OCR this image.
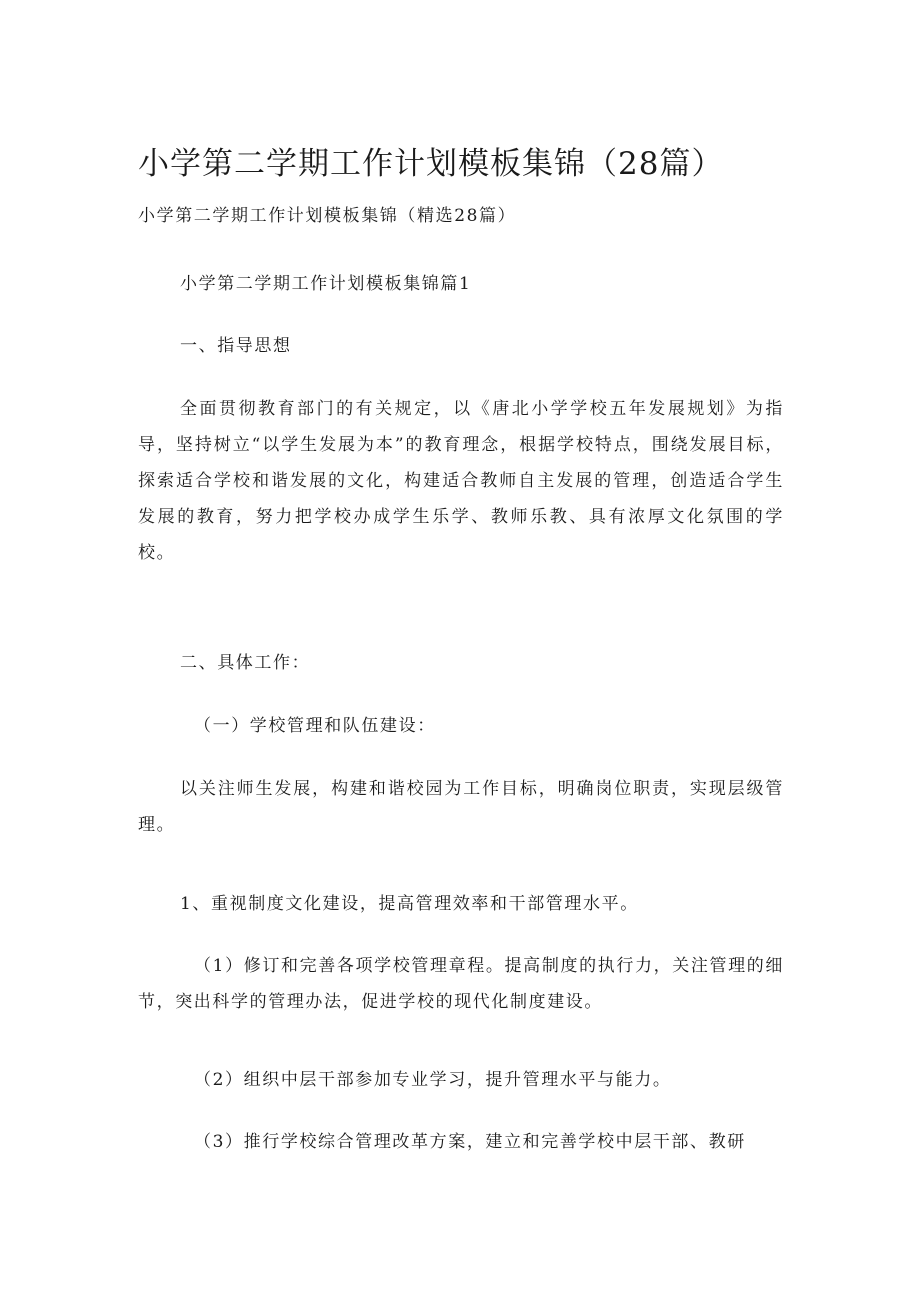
小学第二学期工作计划模板集锦（28篇）

小学第二学期工作计划模板集锦（精选28篇）

小学第二学期工作计划模板集锦篇1

一、指导思想

全面贯彻教育部门的有关规定，以《唐北小学学校五年发展规划》为指导，坚持树立“以学生发展为本”的教育理念，根据学校特点，围绕发展目标，探索适合学校和谐发展的文化，构建适合教师自主发展的管理，创造适合学生发展的教育，努力把学校办成学生乐学、教师乐教、具有浓厚文化氛围的学校。

二、具体工作：

（一）学校管理和队伍建设：

以关注师生发展，构建和谐校园为工作目标，明确岗位职责，实现层级管理。

1、重视制度文化建设，提高管理效率和干部管理水平。

（1）修订和完善各项学校管理章程。提高制度的执行力，关注管理的细节，突出科学的管理办法，促进学校的现代化制度建设。

（2）组织中层干部参加专业学习，提升管理水平与能力。

（3）推行学校综合管理改革方案，建立和完善学校中层干部、教研
